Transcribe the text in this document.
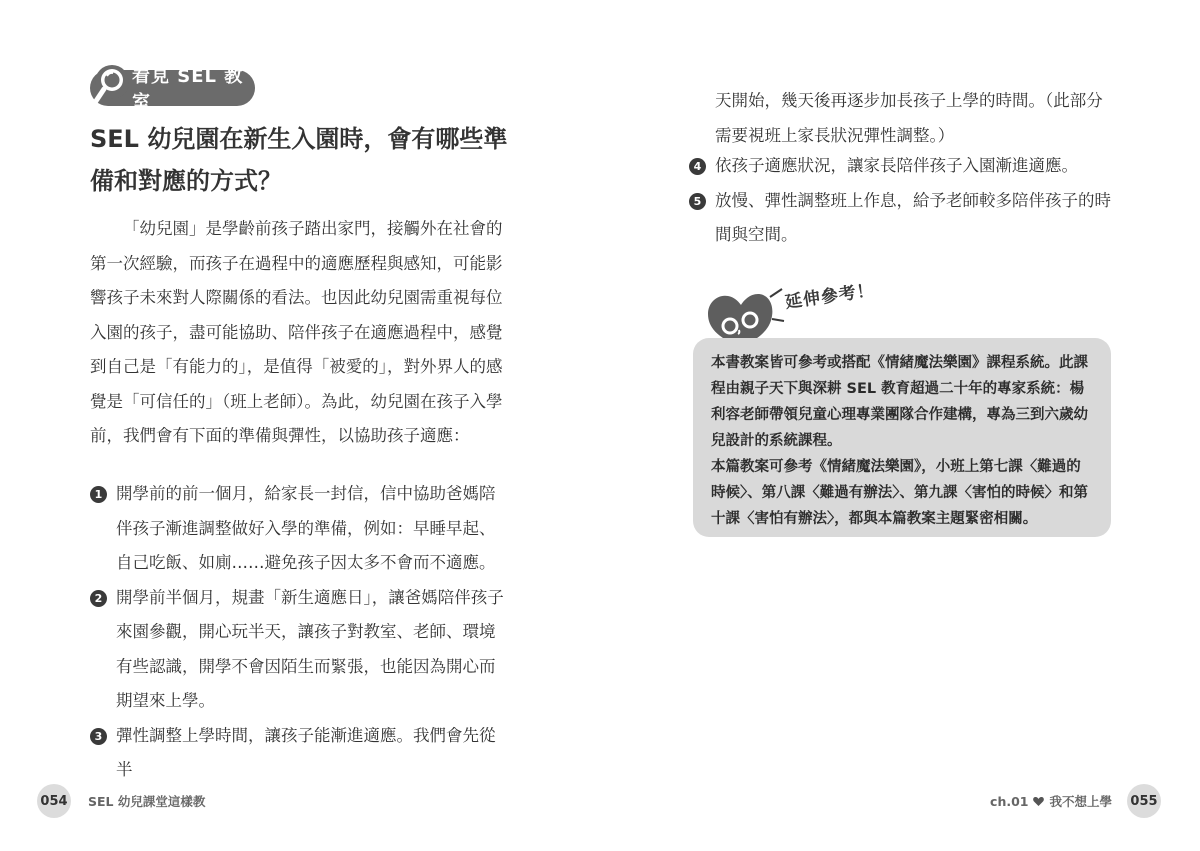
看見 SEL 教室
SEL 幼兒園在新生入園時，會有哪些準備和對應的方式？

「幼兒園」是學齡前孩子踏出家門，接觸外在社會的第一次經驗，而孩子在過程中的適應歷程與感知，可能影響孩子未來對人際關係的看法。也因此幼兒園需重視每位入園的孩子，盡可能協助、陪伴孩子在適應過程中，感覺到自己是「有能力的」，是值得「被愛的」，對外界人的感覺是「可信任的」（班上老師）。為此，幼兒園在孩子入學前，我們會有下面的準備與彈性，以協助孩子適應：

1 開學前的前一個月，給家長一封信，信中協助爸媽陪伴孩子漸進調整做好入學的準備，例如：早睡早起、自己吃飯、如廁……避免孩子因太多不會而不適應。
2 開學前半個月，規畫「新生適應日」，讓爸媽陪伴孩子來園參觀，開心玩半天，讓孩子對教室、老師、環境有些認識，開學不會因陌生而緊張，也能因為開心而期望來上學。
3 彈性調整上學時間，讓孩子能漸進適應。我們會先從半
054 SEL 幼兒課堂這樣教

天開始，幾天後再逐步加長孩子上學的時間。（此部分需要視班上家長狀況彈性調整。）

4 依孩子適應狀況，讓家長陪伴孩子入園漸進適應。
5 放慢、彈性調整班上作息，給予老師較多陪伴孩子的時間與空間。
延伸參考！

本書教案皆可參考或搭配《情緒魔法樂園》課程系統。此課程由親子天下與深耕 SEL 教育超過二十年的專家系統：楊利容老師帶領兒童心理專業團隊合作建構，專為三到六歲幼兒設計的系統課程。

本篇教案可參考《情緒魔法樂園》，小班上第七課〈難過的時候〉、第八課〈難過有辦法〉、第九課〈害怕的時候〉和第十課〈害怕有辦法〉，都與本篇教案主題緊密相關。

ch.01 我不想上學 055
